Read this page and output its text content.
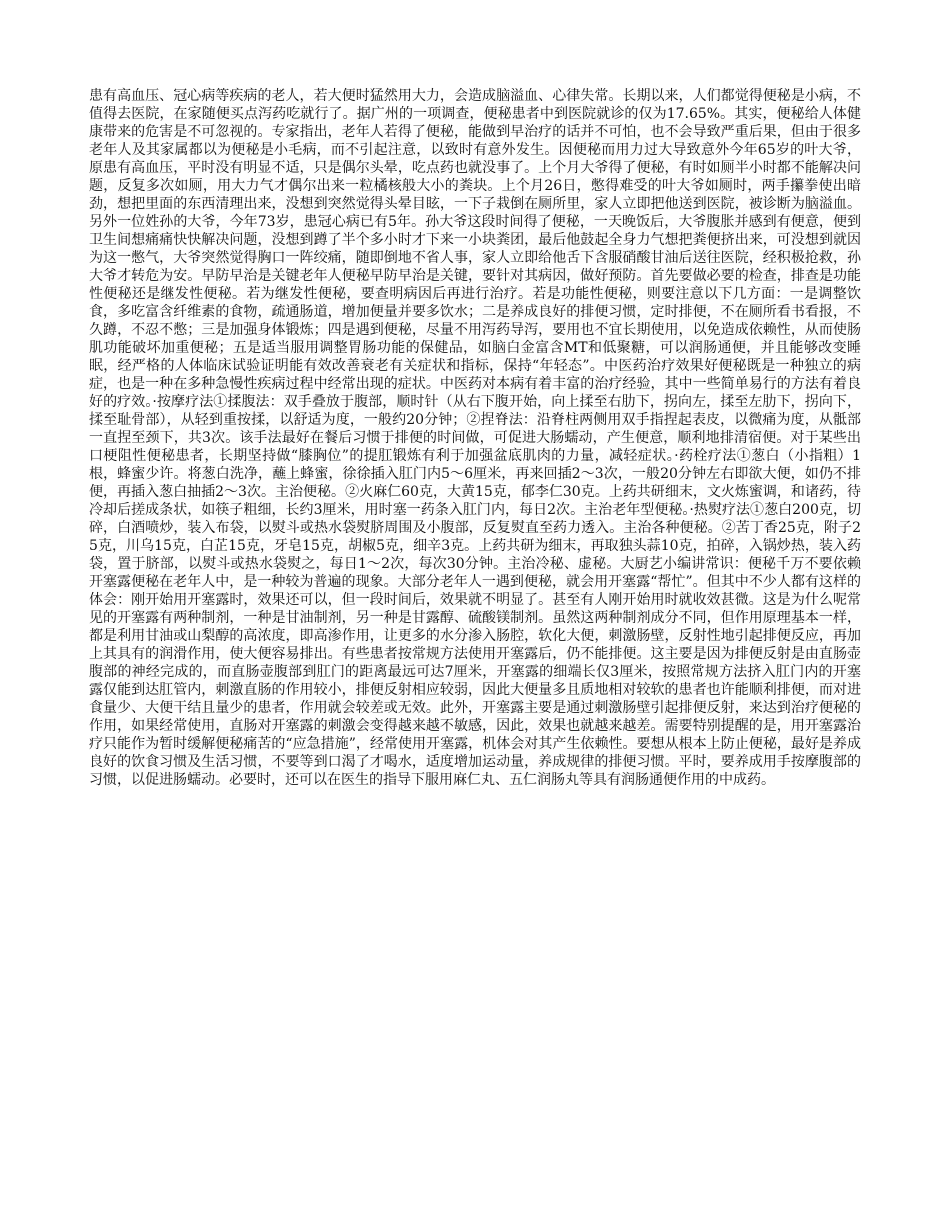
患有高血压、冠心病等疾病的老人，若大便时猛然用大力，会造成脑溢血、心律失常。长期以来，人们都觉得便秘是小病，不值得去医院，在家随便买点泻药吃就行了。据广州的一项调查，便秘患者中到医院就诊的仅为17.65%。其实，便秘给人体健康带来的危害是不可忽视的。专家指出，老年人若得了便秘，能做到早治疗的话并不可怕，也不会导致严重后果，但由于很多老年人及其家属都以为便秘是小毛病，而不引起注意，以致时有意外发生。因便秘而用力过大导致意外今年65岁的叶大爷，原患有高血压，平时没有明显不适，只是偶尔头晕，吃点药也就没事了。上个月大爷得了便秘，有时如厕半小时都不能解决问题，反复多次如厕，用大力气才偶尔出来一粒橘核般大小的粪块。上个月26日，憋得难受的叶大爷如厕时，两手攥拳使出暗劲，想把里面的东西清理出来，没想到突然觉得头晕目眩，一下子栽倒在厕所里，家人立即把他送到医院，被诊断为脑溢血。另外一位姓孙的大爷，今年73岁，患冠心病已有5年。孙大爷这段时间得了便秘，一天晚饭后，大爷腹胀并感到有便意，便到卫生间想痛痛快快解决问题，没想到蹲了半个多小时才下来一小块粪团，最后他鼓起全身力气想把粪便挤出来，可没想到就因为这一憋气，大爷突然觉得胸口一阵绞痛，随即倒地不省人事，家人立即给他舌下含服硝酸甘油后送往医院，经积极抢救，孙大爷才转危为安。早防早治是关键老年人便秘早防早治是关键，要针对其病因，做好预防。首先要做必要的检查，排查是功能性便秘还是继发性便秘。若为继发性便秘，要查明病因后再进行治疗。若是功能性便秘，则要注意以下几方面：一是调整饮食，多吃富含纤维素的食物，疏通肠道，增加便量并要多饮水；二是养成良好的排便习惯，定时排便，不在厕所看书看报，不久蹲，不忍不憋；三是加强身体锻炼；四是遇到便秘，尽量不用泻药导泻，要用也不宜长期使用，以免造成依赖性，从而使肠肌功能破坏加重便秘；五是适当服用调整胃肠功能的保健品，如脑白金富含MT和低聚糖，可以润肠通便，并且能够改变睡眠，经严格的人体临床试验证明能有效改善衰老有关症状和指标，保持“年轻态”。中医药治疗效果好便秘既是一种独立的病症，也是一种在多种急慢性疾病过程中经常出现的症状。中医药对本病有着丰富的治疗经验，其中一些简单易行的方法有着良好的疗效。·按摩疗法①揉腹法：双手叠放于腹部，顺时针（从右下腹开始，向上揉至右肋下，拐向左，揉至左肋下，拐向下，揉至耻骨部），从轻到重按揉，以舒适为度，一般约20分钟；②捏脊法：沿脊柱两侧用双手指捏起表皮，以微痛为度，从骶部一直捏至颈下，共3次。该手法最好在餐后习惯于排便的时间做，可促进大肠蠕动，产生便意，顺利地排清宿便。对于某些出口梗阻性便秘患者，长期坚持做“膝胸位”的提肛锻炼有利于加强盆底肌肉的力量，减轻症状。·药栓疗法①葱白（小指粗）1根，蜂蜜少许。将葱白洗净，蘸上蜂蜜，徐徐插入肛门内5～6厘米，再来回插2～3次，一般20分钟左右即欲大便，如仍不排便，再插入葱白抽插2～3次。主治便秘。②火麻仁60克，大黄15克，郁李仁30克。上药共研细末，文火炼蜜调，和诸药，待冷却后搓成条状，如筷子粗细，长约3厘米，用时塞一药条入肛门内，每日2次。主治老年型便秘。·热熨疗法①葱白200克，切碎，白酒喷炒，装入布袋，以熨斗或热水袋熨脐周围及小腹部，反复熨直至药力透入。主治各种便秘。②苦丁香25克，附子25克，川乌15克，白芷15克，牙皂15克，胡椒5克，细辛3克。上药共研为细末，再取独头蒜10克，拍碎，入锅炒热，装入药袋，置于脐部，以熨斗或热水袋熨之，每日1～2次，每次30分钟。主治冷秘、虚秘。大厨艺小编讲常识：便秘千万不要依赖开塞露便秘在老年人中，是一种较为普遍的现象。大部分老年人一遇到便秘，就会用开塞露“帮忙”。但其中不少人都有这样的体会：刚开始用开塞露时，效果还可以，但一段时间后，效果就不明显了。甚至有人刚开始用时就收效甚微。这是为什么呢常见的开塞露有两种制剂，一种是甘油制剂，另一种是甘露醇、硫酸镁制剂。虽然这两种制剂成分不同，但作用原理基本一样，都是利用甘油或山梨醇的高浓度，即高渗作用，让更多的水分渗入肠腔，软化大便，刺激肠壁，反射性地引起排便反应，再加上其具有的润滑作用，使大便容易排出。有些患者按常规方法使用开塞露后，仍不能排便。这主要是因为排便反射是由直肠壶腹部的神经完成的，而直肠壶腹部到肛门的距离最远可达7厘米，开塞露的细端长仅3厘米，按照常规方法挤入肛门内的开塞露仅能到达肛管内，刺激直肠的作用较小，排便反射相应较弱，因此大便量多且质地相对较软的患者也许能顺利排便，而对进食量少、大便干结且量少的患者，作用就会较差或无效。此外，开塞露主要是通过刺激肠壁引起排便反射，来达到治疗便秘的作用，如果经常使用，直肠对开塞露的刺激会变得越来越不敏感，因此，效果也就越来越差。需要特别提醒的是，用开塞露治疗只能作为暂时缓解便秘痛苦的“应急措施”，经常使用开塞露，机体会对其产生依赖性。要想从根本上防止便秘，最好是养成良好的饮食习惯及生活习惯，不要等到口渴了才喝水，适度增加运动量，养成规律的排便习惯。平时，要养成用手按摩腹部的习惯，以促进肠蠕动。必要时，还可以在医生的指导下服用麻仁丸、五仁润肠丸等具有润肠通便作用的中成药。
